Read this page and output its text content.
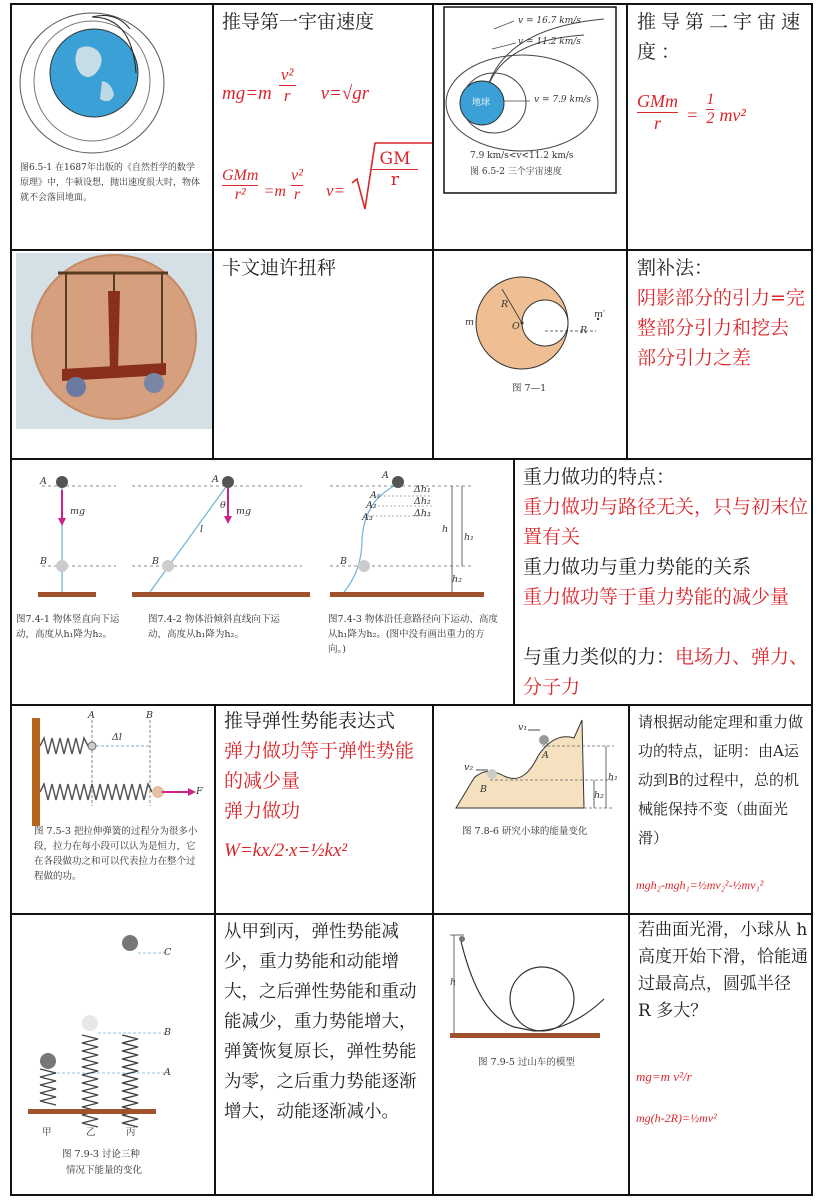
图6.5-1 在1687年出版的《自然哲学的数学原理》中，牛顿设想，抛出速度很大时，物体就不会落回地面。
推导第一宇宙速度
$mg=m \frac{\text{v²}}{r} v=√gr$
GMm
r²	$=m \frac{\text{v²}}{r} v=$
GM
r
v = 16.7 km/s
v = 11.2 km/s
v = 7.9 km/s
地球
7.9 km/s<v<11.2 km/s
图 6.5-2 三个宇宙速度
推导第二宇宙速度：
GMm
r	= $\frac{1}{2} mv^2$
卡文迪许扭秤
m
R
O
m′
R
图 7—1
割补法：
阴影部分的引力=完整部分引力和挖去部分引力之差
A
mg
B
图7.4-1 物体竖直向下运动，高度从h₁降为h₂。
A
θ
mg
l
B
图7.4-2 物体沿倾斜直线向下运动，高度从h₁降为h₂。
A
A₁
A₂
A₃
Δh₁
Δh₂
Δh₃
h
h₁
h₂
B
图7.4-3 物体沿任意路径向下运动、高度从h₁降为h₂。(图中没有画出重力的方向。)
重力做功的特点：
重力做功与路径无关，只与初末位置有关
重力做功与重力势能的关系
重力做功等于重力势能的减少量
与重力类似的力：电场力、弹力、分子力
A	B
Δl
F
图 7.5-3 把拉伸弹簧的过程分为很多小段，拉力在每小段可以认为是恒力，它在各段做功之和可以代表拉力在整个过程做的功。
推导弹性势能表达式
弹力做功等于弹性势能的减少量
弹力做功
W=kx/2·x=½kx²
v₁
v₂
A
B
h₁
h₂
图 7.8-6 研究小球的能量变化
请根据动能定理和重力做功的特点，证明：由A运动到B的过程中，总的机械能保持不变（曲面光滑）
mgh₂-mgh₁=½mv₂²-½mv₁²
C
B
A
甲	乙	丙
图 7.9-3 讨论三种
情况下能量的变化
从甲到丙，弹性势能减少，重力势能和动能增大，之后弹性势能和重动能减少，重力势能增大，弹簧恢复原长，弹性势能为零，之后重力势能逐渐增大，动能逐渐减小。
h
图 7.9-5 过山车的模型
若曲面光滑，小球从 h 高度开始下滑，恰能通过最高点，圆弧半径 R 多大？
mg=m v²/r
mg(h-2R)=½mv²
